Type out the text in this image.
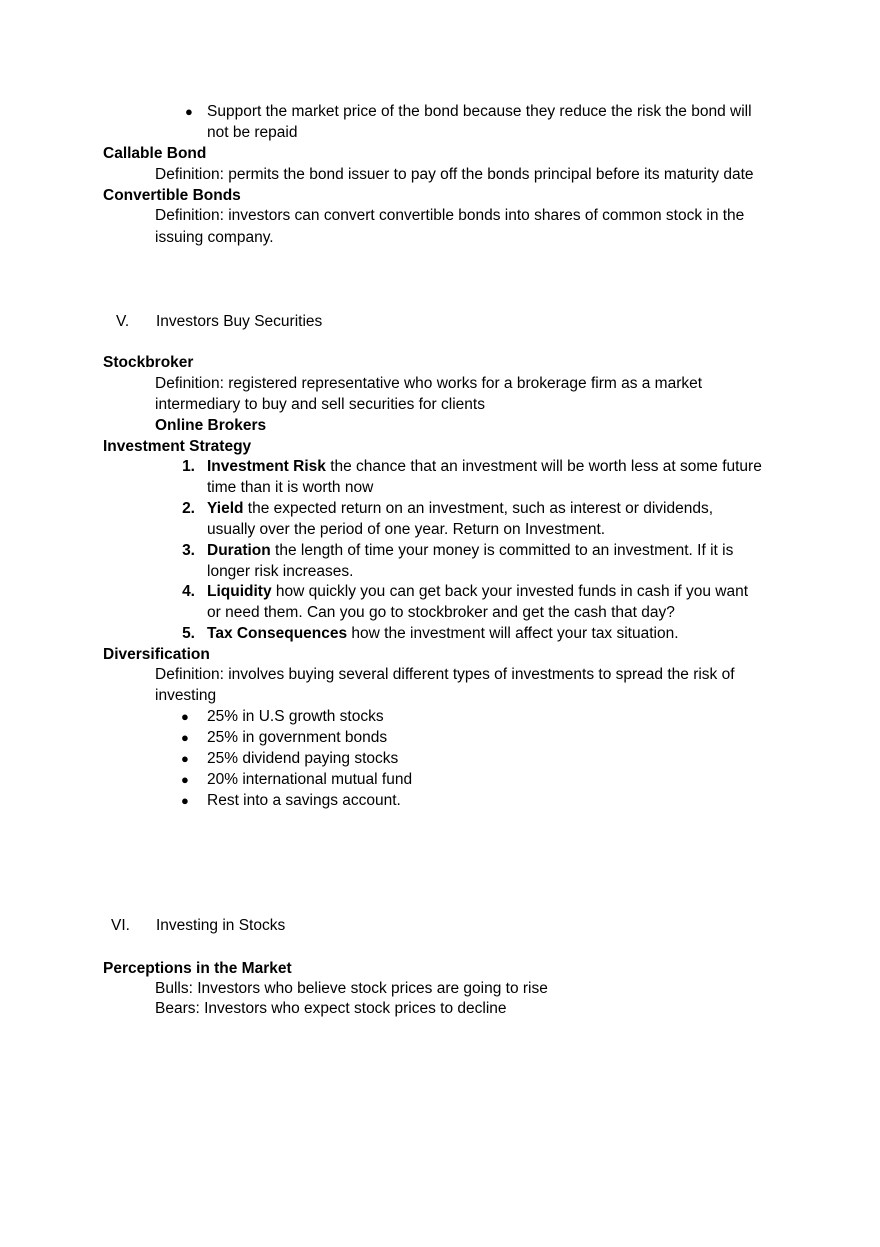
● Support the market price of the bond because they reduce the risk the bond will
not be repaid
Callable Bond
Definition: permits the bond issuer to pay off the bonds principal before its maturity date
Convertible Bonds
Definition: investors can convert convertible bonds into shares of common stock in the
issuing company.
V. Investors Buy Securities
Stockbroker
Definition: registered representative who works for a brokerage firm as a market
intermediary to buy and sell securities for clients
Online Brokers
Investment Strategy
1. Investment Risk the chance that an investment will be worth less at some future
time than it is worth now
2. Yield the expected return on an investment, such as interest or dividends,
usually over the period of one year. Return on Investment.
3. Duration the length of time your money is committed to an investment. If it is
longer risk increases.
4. Liquidity how quickly you can get back your invested funds in cash if you want
or need them. Can you go to stockbroker and get the cash that day?
5. Tax Consequences how the investment will affect your tax situation.
Diversification
Definition: involves buying several different types of investments to spread the risk of
investing
● 25% in U.S growth stocks
● 25% in government bonds
● 25% dividend paying stocks
● 20% international mutual fund
● Rest into a savings account.
VI. Investing in Stocks
Perceptions in the Market
Bulls: Investors who believe stock prices are going to rise
Bears: Investors who expect stock prices to decline
